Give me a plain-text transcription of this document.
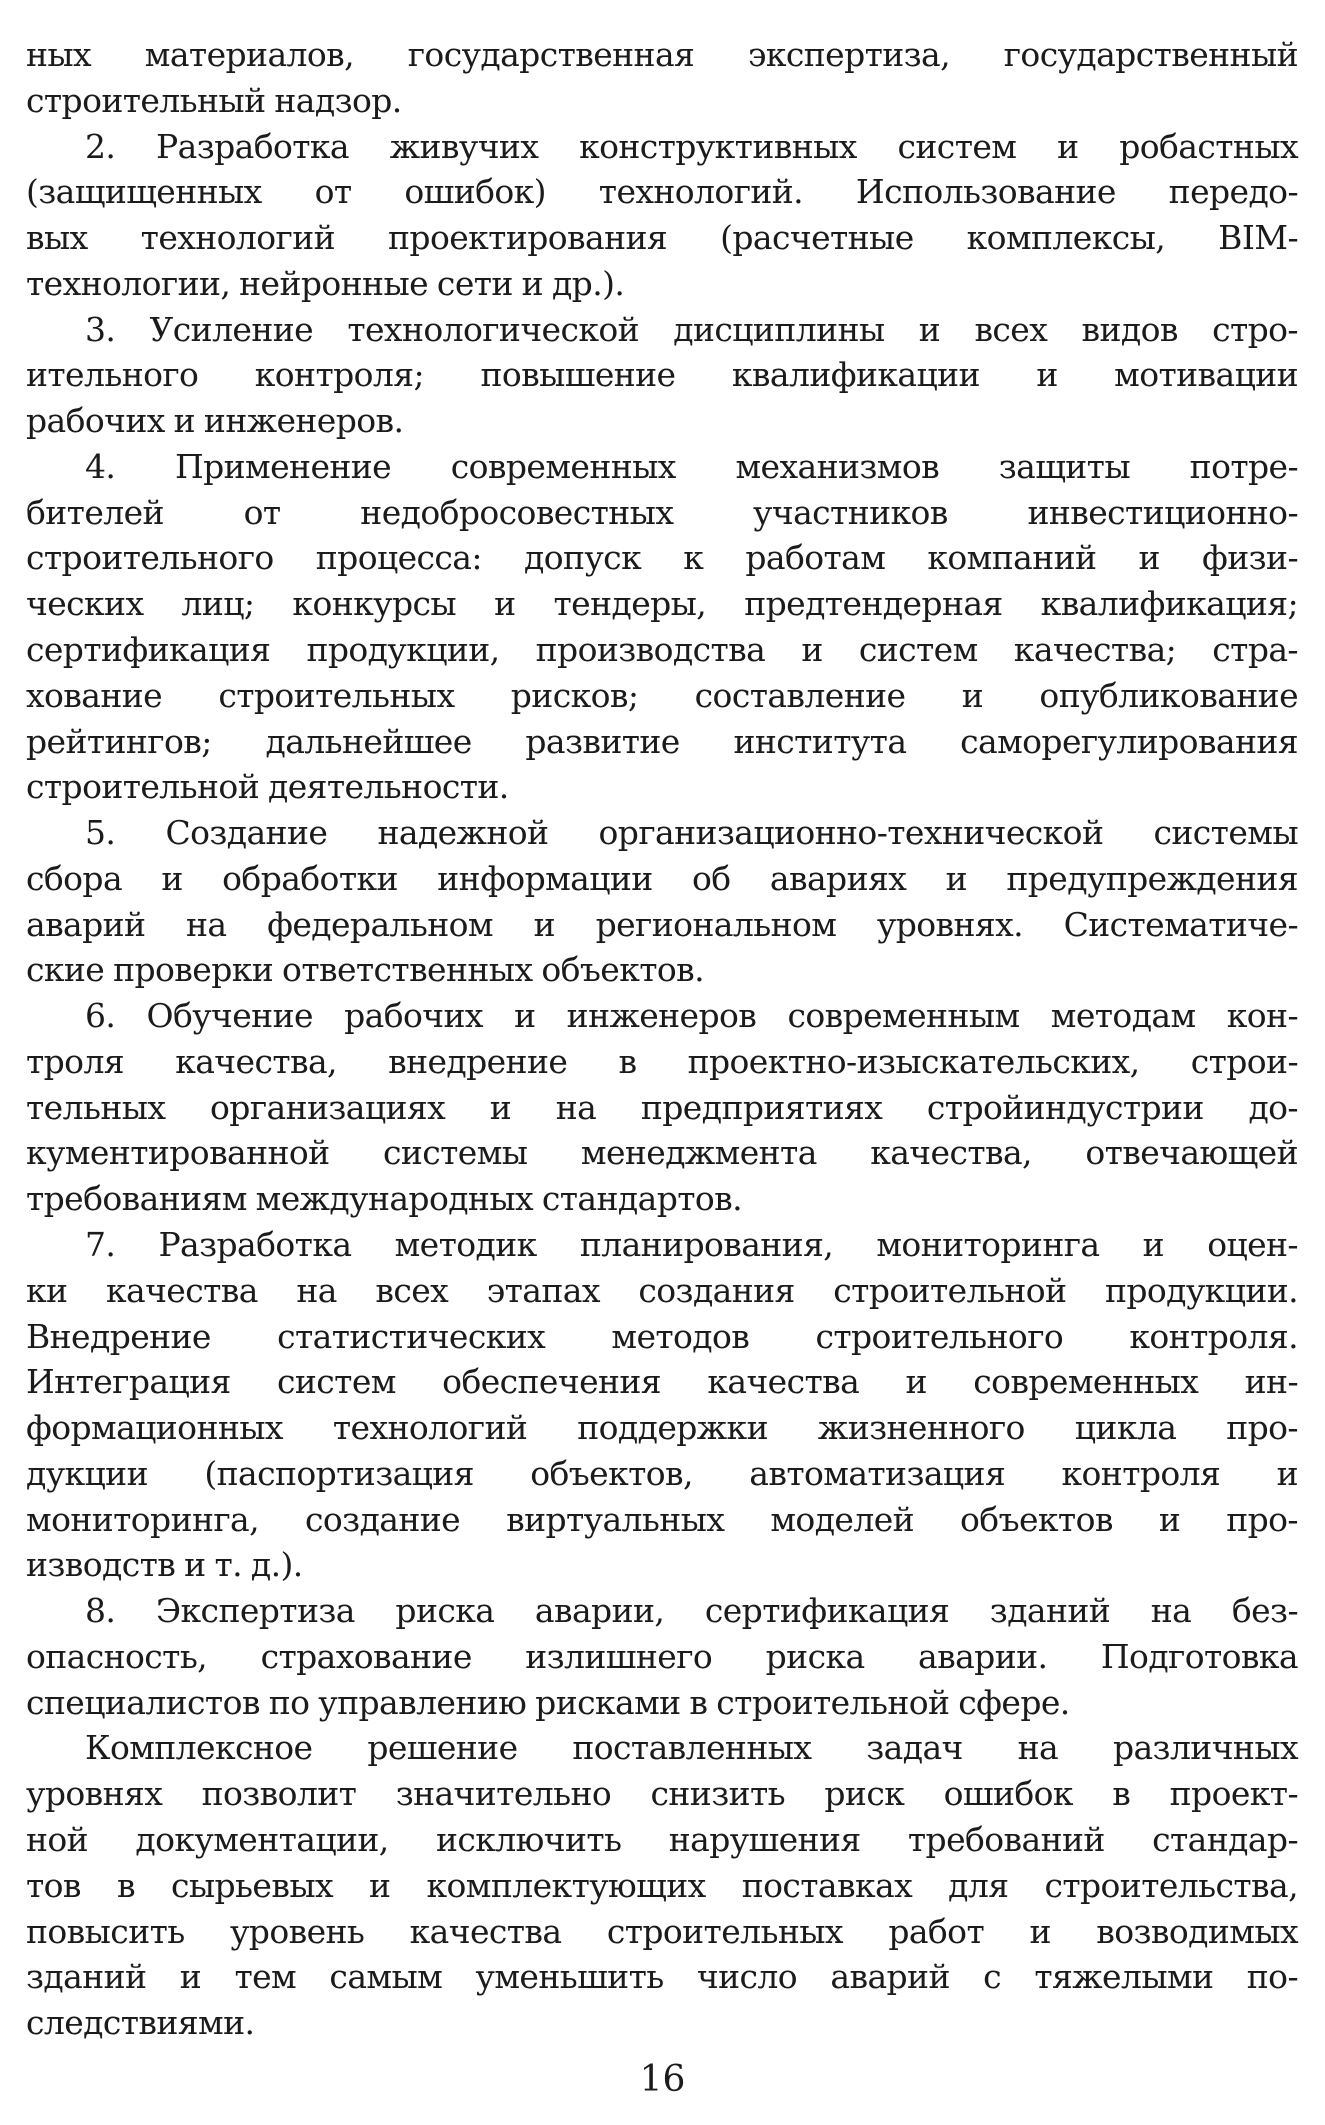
ных материалов, государственная экспертиза, государственный
строительный надзор.
2. Разработка живучих конструктивных систем и робастных
(защищенных от ошибок) технологий. Использование передо-
вых технологий проектирования (расчетные комплексы, BIM-
технологии, нейронные сети и др.).
3. Усиление технологической дисциплины и всех видов стро-
ительного контроля; повышение квалификации и мотивации
рабочих и инженеров.
4. Применение современных механизмов защиты потре-
бителей от недобросовестных участников инвестиционно-
строительного процесса: допуск к работам компаний и физи-
ческих лиц; конкурсы и тендеры, предтендерная квалификация;
сертификация продукции, производства и систем качества; стра-
хование строительных рисков; составление и опубликование
рейтингов; дальнейшее развитие института саморегулирования
строительной деятельности.
5. Создание надежной организационно-технической системы
сбора и обработки информации об авариях и предупреждения
аварий на федеральном и региональном уровнях. Систематиче-
ские проверки ответственных объектов.
6. Обучение рабочих и инженеров современным методам кон-
троля качества, внедрение в проектно-изыскательских, строи-
тельных организациях и на предприятиях стройиндустрии до-
кументированной системы менеджмента качества, отвечающей
требованиям международных стандартов.
7. Разработка методик планирования, мониторинга и оцен-
ки качества на всех этапах создания строительной продукции.
Внедрение статистических методов строительного контроля.
Интеграция систем обеспечения качества и современных ин-
формационных технологий поддержки жизненного цикла про-
дукции (паспортизация объектов, автоматизация контроля и
мониторинга, создание виртуальных моделей объектов и про-
изводств и т. д.).
8. Экспертиза риска аварии, сертификация зданий на без-
опасность, страхование излишнего риска аварии. Подготовка
специалистов по управлению рисками в строительной сфере.
Комплексное решение поставленных задач на различных
уровнях позволит значительно снизить риск ошибок в проект-
ной документации, исключить нарушения требований стандар-
тов в сырьевых и комплектующих поставках для строительства,
повысить уровень качества строительных работ и возводимых
зданий и тем самым уменьшить число аварий с тяжелыми по-
следствиями.
16
